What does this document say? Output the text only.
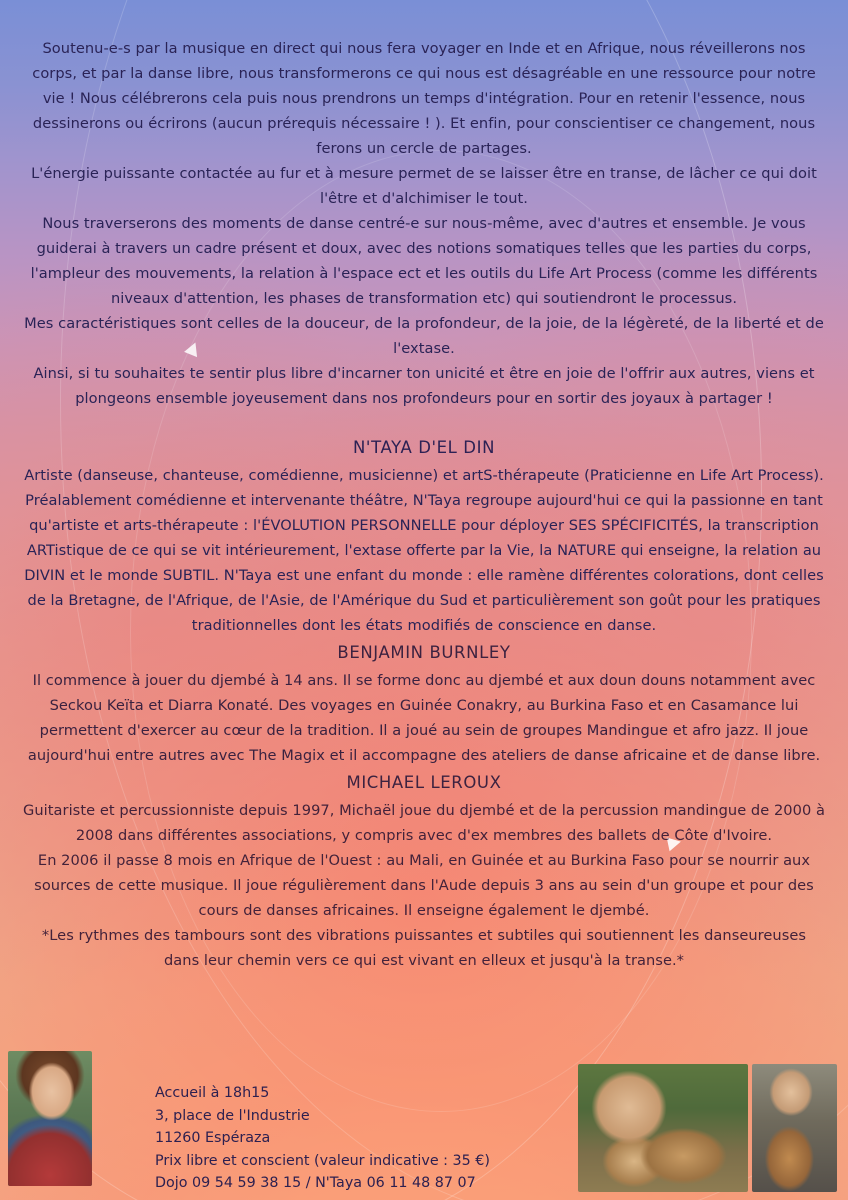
Soutenu-e-s par la musique en direct qui nous fera voyager en Inde et en Afrique, nous réveillerons nos corps, et par la danse libre, nous transformerons ce qui nous est désagréable en une ressource pour notre vie ! Nous célébrerons cela puis nous prendrons un temps d'intégration. Pour en retenir l'essence, nous dessinerons ou écrirons (aucun prérequis nécessaire ! ). Et enfin, pour conscientiser ce changement, nous ferons un cercle de partages.

L'énergie puissante contactée au fur et à mesure permet de se laisser être en transe, de lâcher ce qui doit l'être et d'alchimiser le tout.

Nous traverserons des moments de danse centré-e sur nous-même, avec d'autres et ensemble. Je vous guiderai à travers un cadre présent et doux, avec des notions somatiques telles que les parties du corps, l'ampleur des mouvements, la relation à l'espace ect et les outils du Life Art Process (comme les différents niveaux d'attention, les phases de transformation etc) qui soutiendront le processus.

Mes caractéristiques sont celles de la douceur, de la profondeur, de la joie, de la légèreté, de la liberté et de l'extase.

Ainsi, si tu souhaites te sentir plus libre d'incarner ton unicité et être en joie de l'offrir aux autres, viens et plongeons ensemble joyeusement dans nos profondeurs pour en sortir des joyaux à partager !

N'TAYA D'EL DIN

Artiste (danseuse, chanteuse, comédienne, musicienne) et artS-thérapeute (Praticienne en Life Art Process).

Préalablement comédienne et intervenante théâtre, N'Taya regroupe aujourd'hui ce qui la passionne en tant qu'artiste et arts-thérapeute : l'ÉVOLUTION PERSONNELLE pour déployer SES SPÉCIFICITÉS, la transcription ARTistique de ce qui se vit intérieurement, l'extase offerte par la Vie, la NATURE qui enseigne, la relation au DIVIN et le monde SUBTIL. N'Taya est une enfant du monde : elle ramène différentes colorations, dont celles de la Bretagne, de l'Afrique, de l'Asie, de l'Amérique du Sud et particulièrement son goût pour les pratiques traditionnelles dont les états modifiés de conscience en danse.

BENJAMIN BURNLEY

Il commence à jouer du djembé à 14 ans. Il se forme donc au djembé et aux doun douns notamment avec Seckou Keïta et Diarra Konaté. Des voyages en Guinée Conakry, au Burkina Faso et en Casamance lui permettent d'exercer au cœur de la tradition. Il a joué au sein de groupes Mandingue et afro jazz. Il joue aujourd'hui entre autres avec The Magix et il accompagne des ateliers de danse africaine et de danse libre.

MICHAEL LEROUX

Guitariste et percussionniste depuis 1997, Michaël joue du djembé et de la percussion mandingue de 2000 à 2008 dans différentes associations, y compris avec d'ex membres des ballets de Côte d'Ivoire.

En 2006 il passe 8 mois en Afrique de l'Ouest : au Mali, en Guinée et au Burkina Faso pour se nourrir aux sources de cette musique. Il joue régulièrement dans l'Aude depuis 3 ans au sein d'un groupe et pour des cours de danses africaines. Il enseigne également le djembé.

*Les rythmes des tambours sont des vibrations puissantes et subtiles qui soutiennent les danseureuses dans leur chemin vers ce qui est vivant en elleux et jusqu'à la transe.*

Accueil à 18h15
3, place de l'Industrie
11260 Espéraza
Prix libre et conscient (valeur indicative : 35 €)
Dojo 09 54 59 38 15 / N'Taya 06 11 48 87 07
